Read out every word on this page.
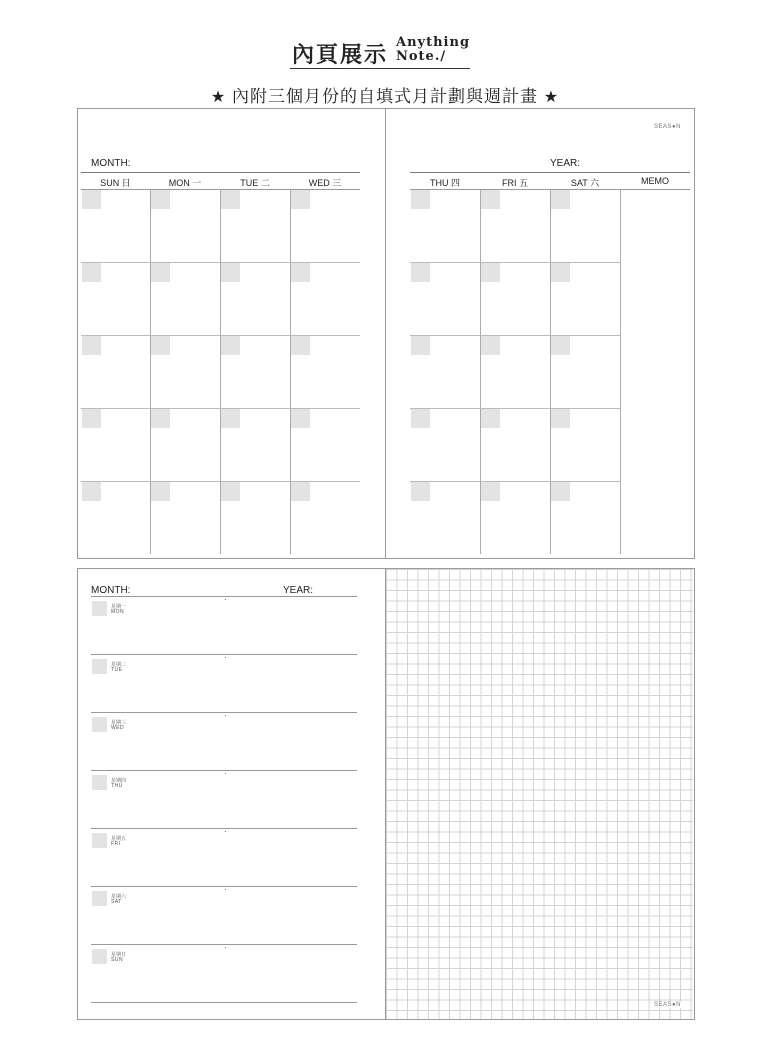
內頁展示 Anything
Note./
★ 內附三個月份的自填式月計劃與週計畫 ★
SEAS●N
MONTH:	YEAR:
SUN 日	MON 一	TUE 二	WED 三	THU 四	FRI 五	SAT 六	MEMO
SEAS●N
MONTH:	YEAR:
星期一
MON
星期二
TUE
星期三
WED
星期四
THU
星期五
FRI
星期六
SAT
星期日
SUN
